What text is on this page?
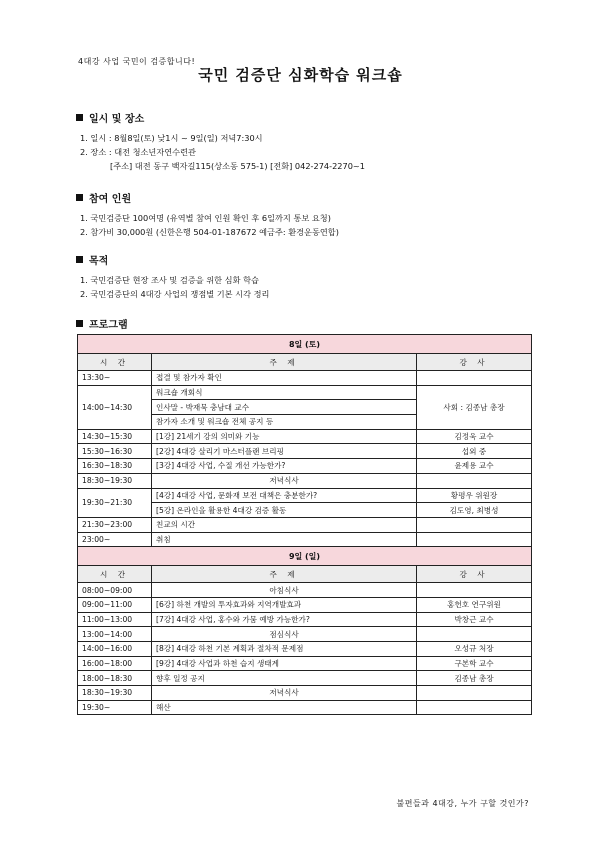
4대강 사업 국민이 검증합니다!
국민 검증단 심화학습 워크숍
일시 및 장소
1. 일시 : 8월8일(토) 낮1시 ~ 9일(일) 저녁7:30시
2. 장소 : 대전 청소년자연수련관
[주소] 대전 동구 백자길115(상소동 575-1) [전화] 042-274-2270~1
참여 인원
1. 국민검증단 100여명 (유역별 참여 인원 확인 후 6일까지 통보 요청)
2. 참가비 30,000원 (신한은행 504-01-187672 예금주: 환경운동연합)
목적
1. 국민검증단 현장 조사 및 검증을 위한 심화 학습
2. 국민검증단의 4대강 사업의 쟁점별 기본 시각 정리
프로그램
8일 (토)		
시 간	주 제	강 사
13:30~	접결 및 참가자 확인	
14:00~14:30	워크숍 개회식	사회 : 김종남 총장
	인사말 - 박재묵 충남대 교수	
	참가자 소개 및 워크숍 전체 공지 등	
14:30~15:30	[1강] 21세기 강의 의미와 기능	김정욱 교수
15:30~16:30	[2강] 4대강 살리기 마스터플랜 브리핑	섭외 중
16:30~18:30	[3강] 4대강 사업, 수질 개선 가능한가?	윤제용 교수
18:30~19:30	저녁식사	
19:30~21:30	[4강] 4대강 사업, 문화재 보전 대책은 충분한가?	황평우 위원장
	[5강] 온라인을 활용한 4대강 검증 활동	김도영, 최병성
21:30~23:00	친교의 시간	
23:00~	취침	
9일 (일)		
시 간	주 제	강 사
08:00~09:00	아침식사	
09:00~11:00	[6강] 하천 개발의 투자효과와 지역개발효과	홍헌호 연구위원
11:00~13:00	[7강] 4대강 사업, 홍수와 가뭄 예방 가능한가?	박창근 교수
13:00~14:00	점심식사	
14:00~16:00	[8강] 4대강 하천 기본 계획과 절차적 문제점	오성규 처장
16:00~18:00	[9강] 4대강 사업과 하천 습지 생태계	구본학 교수
18:00~18:30	향후 일정 공지	김종남 총장
18:30~19:30	저녁식사	
19:30~	해산	
불편들과 4대강, 누가 구할 것인가?
